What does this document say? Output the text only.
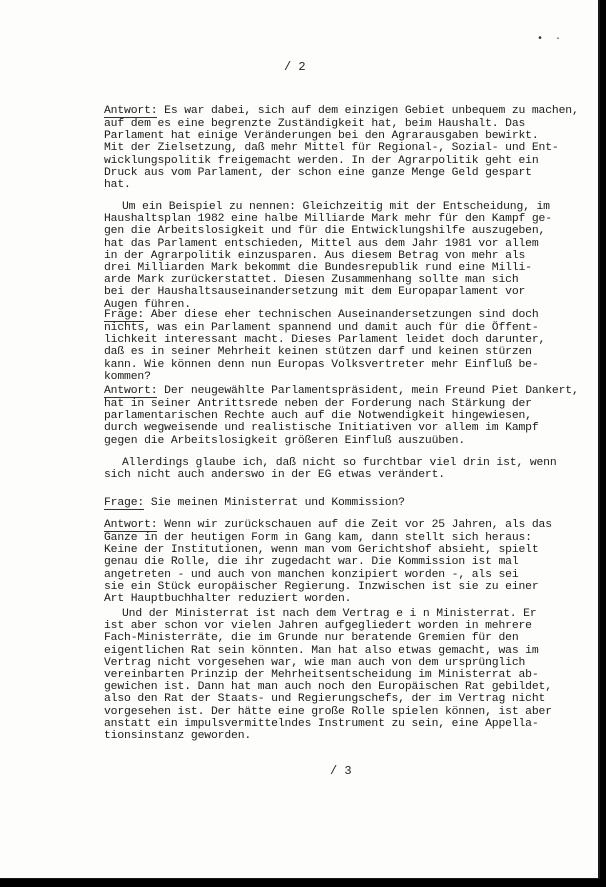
• ·
/ 2
Antwort: Es war dabei, sich auf dem einzigen Gebiet unbequem zu machen,
auf dem es eine begrenzte Zuständigkeit hat, beim Haushalt. Das
Parlament hat einige Veränderungen bei den Agrarausgaben bewirkt.
Mit der Zielsetzung, daß mehr Mittel für Regional-, Sozial- und Ent-
wicklungspolitik freigemacht werden. In der Agrarpolitik geht ein
Druck aus vom Parlament, der schon eine ganze Menge Geld gespart
hat.
Um ein Beispiel zu nennen: Gleichzeitig mit der Entscheidung, im
Haushaltsplan 1982 eine halbe Milliarde Mark mehr für den Kampf ge-
gen die Arbeitslosigkeit und für die Entwicklungshilfe auszugeben,
hat das Parlament entschieden, Mittel aus dem Jahr 1981 vor allem
in der Agrarpolitik einzusparen. Aus diesem Betrag von mehr als
drei Milliarden Mark bekommt die Bundesrepublik rund eine Milli-
arde Mark zurückerstattet. Diesen Zusammenhang sollte man sich
bei der Haushaltsauseinandersetzung mit dem Europaparlament vor
Augen führen.
Frage: Aber diese eher technischen Auseinandersetzungen sind doch
nichts, was ein Parlament spannend und damit auch für die Öffent-
lichkeit interessant macht. Dieses Parlament leidet doch darunter,
daß es in seiner Mehrheit keinen stützen darf und keinen stürzen
kann. Wie können denn nun Europas Volksvertreter mehr Einfluß be-
kommen?
Antwort: Der neugewählte Parlamentspräsident, mein Freund Piet Dankert,
hat in seiner Antrittsrede neben der Forderung nach Stärkung der
parlamentarischen Rechte auch auf die Notwendigkeit hingewiesen,
durch wegweisende und realistische Initiativen vor allem im Kampf
gegen die Arbeitslosigkeit größeren Einfluß auszuüben.
Allerdings glaube ich, daß nicht so furchtbar viel drin ist, wenn
sich nicht auch anderswo in der EG etwas verändert.
Frage: Sie meinen Ministerrat und Kommission?
Antwort: Wenn wir zurückschauen auf die Zeit vor 25 Jahren, als das
Ganze in der heutigen Form in Gang kam, dann stellt sich heraus:
Keine der Institutionen, wenn man vom Gerichtshof absieht, spielt
genau die Rolle, die ihr zugedacht war. Die Kommission ist mal
angetreten - und auch von manchen konzipiert worden -, als sei
sie ein Stück europäischer Regierung. Inzwischen ist sie zu einer
Art Hauptbuchhalter reduziert worden.
Und der Ministerrat ist nach dem Vertrag e i n Ministerrat. Er
ist aber schon vor vielen Jahren aufgegliedert worden in mehrere
Fach-Ministerräte, die im Grunde nur beratende Gremien für den
eigentlichen Rat sein könnten. Man hat also etwas gemacht, was im
Vertrag nicht vorgesehen war, wie man auch von dem ursprünglich
vereinbarten Prinzip der Mehrheitsentscheidung im Ministerrat ab-
gewichen ist. Dann hat man auch noch den Europäischen Rat gebildet,
also den Rat der Staats- und Regierungschefs, der im Vertrag nicht
vorgesehen ist. Der hätte eine große Rolle spielen können, ist aber
anstatt ein impulsvermittelndes Instrument zu sein, eine Appella-
tionsinstanz geworden.
/ 3
